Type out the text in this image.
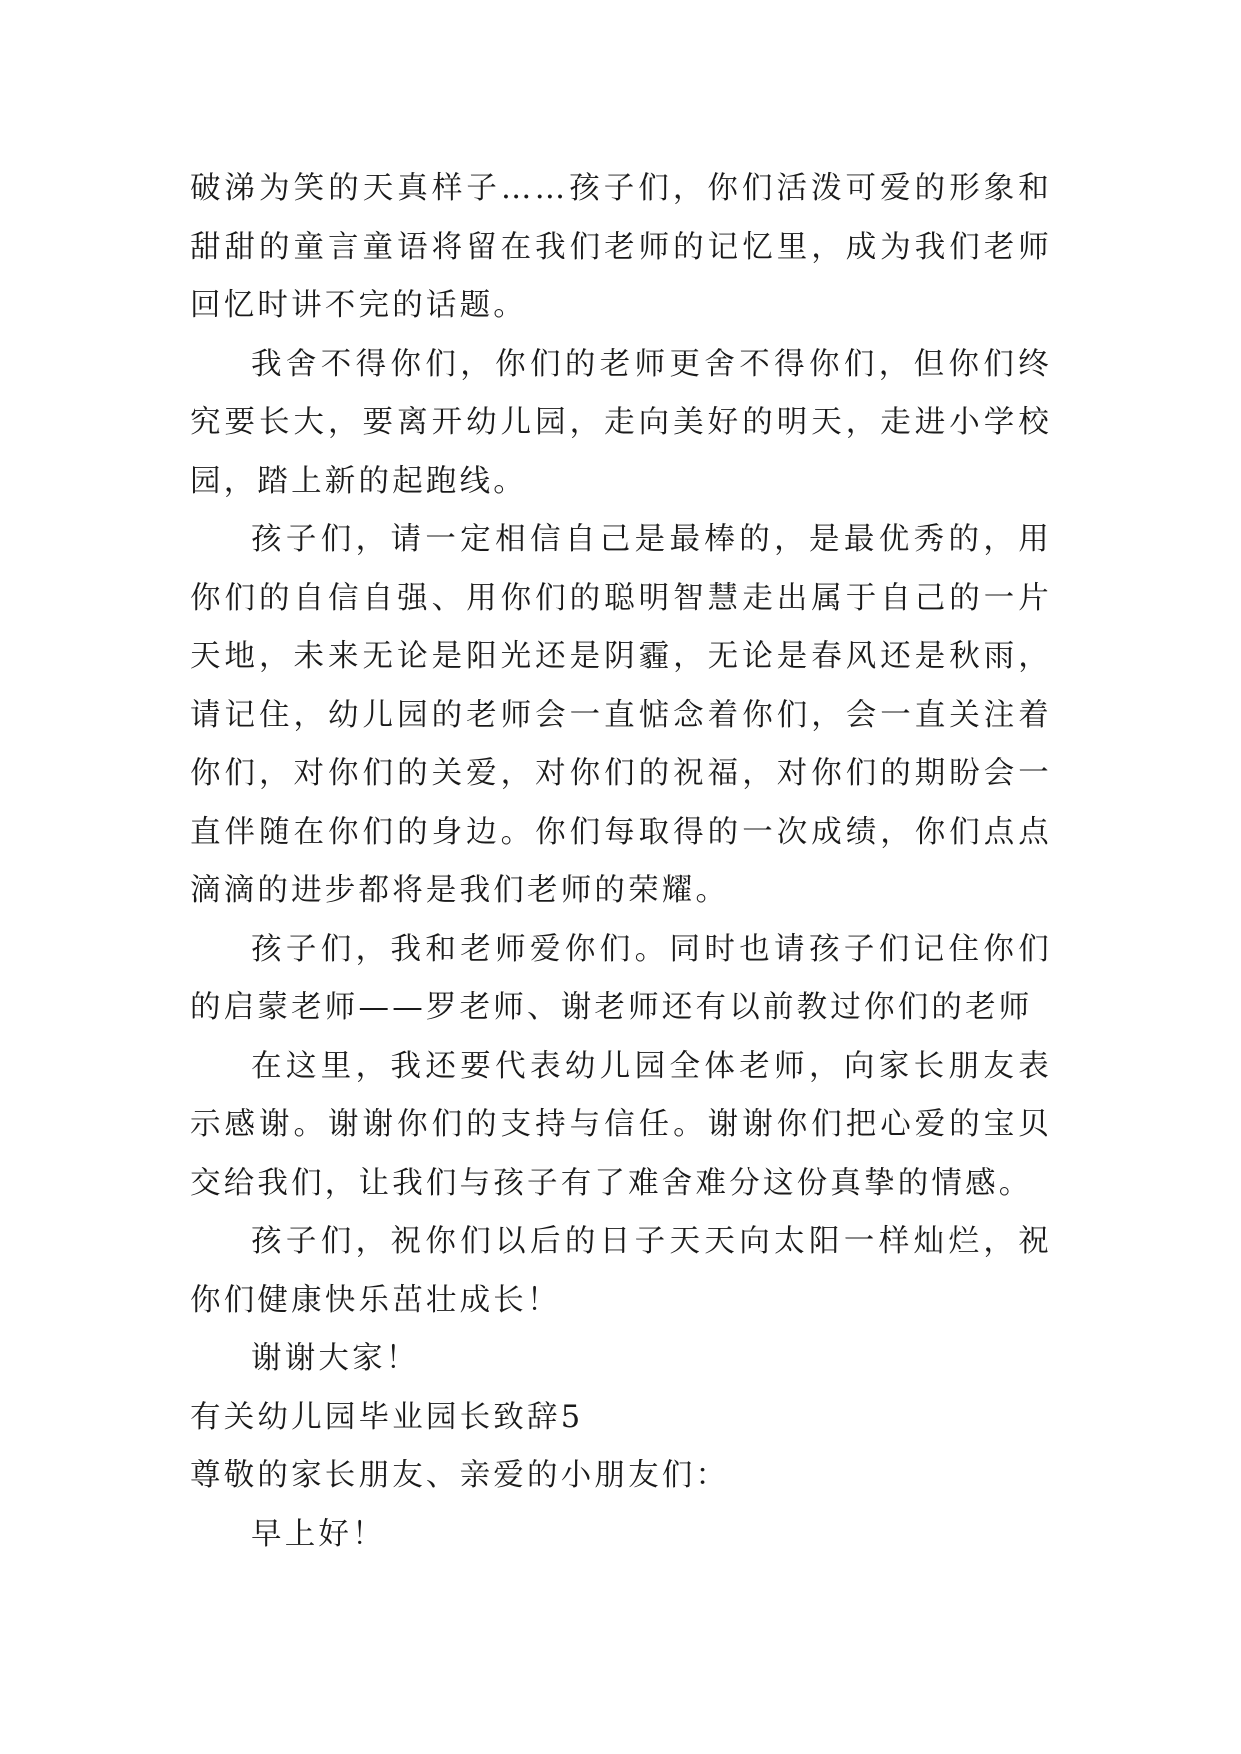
破涕为笑的天真样子……孩子们，你们活泼可爱的形象和甜甜的童言童语将留在我们老师的记忆里，成为我们老师回忆时讲不完的话题。

我舍不得你们，你们的老师更舍不得你们，但你们终究要长大，要离开幼儿园，走向美好的明天，走进小学校园，踏上新的起跑线。

孩子们，请一定相信自己是最棒的，是最优秀的，用你们的自信自强、用你们的聪明智慧走出属于自己的一片天地，未来无论是阳光还是阴霾，无论是春风还是秋雨，请记住，幼儿园的老师会一直惦念着你们，会一直关注着你们，对你们的关爱，对你们的祝福，对你们的期盼会一直伴随在你们的身边。你们每取得的一次成绩，你们点点滴滴的进步都将是我们老师的荣耀。

孩子们，我和老师爱你们。同时也请孩子们记住你们的启蒙老师——罗老师、谢老师还有以前教过你们的老师

在这里，我还要代表幼儿园全体老师，向家长朋友表示感谢。谢谢你们的支持与信任。谢谢你们把心爱的宝贝交给我们，让我们与孩子有了难舍难分这份真挚的情感。

孩子们，祝你们以后的日子天天向太阳一样灿烂，祝你们健康快乐茁壮成长！

谢谢大家！

有关幼儿园毕业园长致辞5

尊敬的家长朋友、亲爱的小朋友们：

早上好！
